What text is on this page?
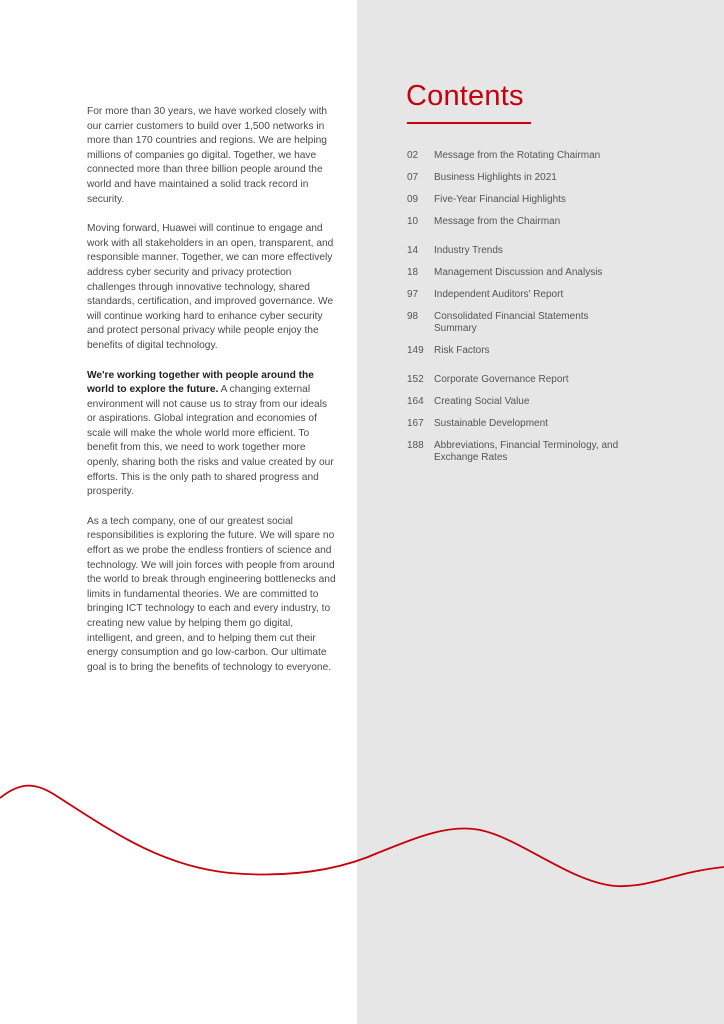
For more than 30 years, we have worked closely with our carrier customers to build over 1,500 networks in more than 170 countries and regions. We are helping millions of companies go digital. Together, we have connected more than three billion people around the world and have maintained a solid track record in security.

Moving forward, Huawei will continue to engage and work with all stakeholders in an open, transparent, and responsible manner. Together, we can more effectively address cyber security and privacy protection challenges through innovative technology, shared standards, certification, and improved governance. We will continue working hard to enhance cyber security and protect personal privacy while people enjoy the benefits of digital technology.

We're working together with people around the world to explore the future. A changing external environment will not cause us to stray from our ideals or aspirations. Global integration and economies of scale will make the whole world more efficient. To benefit from this, we need to work together more openly, sharing both the risks and value created by our efforts. This is the only path to shared progress and prosperity.

As a tech company, one of our greatest social responsibilities is exploring the future. We will spare no effort as we probe the endless frontiers of science and technology. We will join forces with people from around the world to break through engineering bottlenecks and limits in fundamental theories. We are committed to bringing ICT technology to each and every industry, to creating new value by helping them go digital, intelligent, and green, and to helping them cut their energy consumption and go low-carbon. Our ultimate goal is to bring the benefits of technology to everyone.

Contents
02	Message from the Rotating Chairman
07	Business Highlights in 2021
09	Five-Year Financial Highlights
10	Message from the Chairman
14	Industry Trends
18	Management Discussion and Analysis
97	Independent Auditors' Report
98	Consolidated Financial Statements Summary
149	Risk Factors
152	Corporate Governance Report
164	Creating Social Value
167	Sustainable Development
188	Abbreviations, Financial Terminology, and Exchange Rates
